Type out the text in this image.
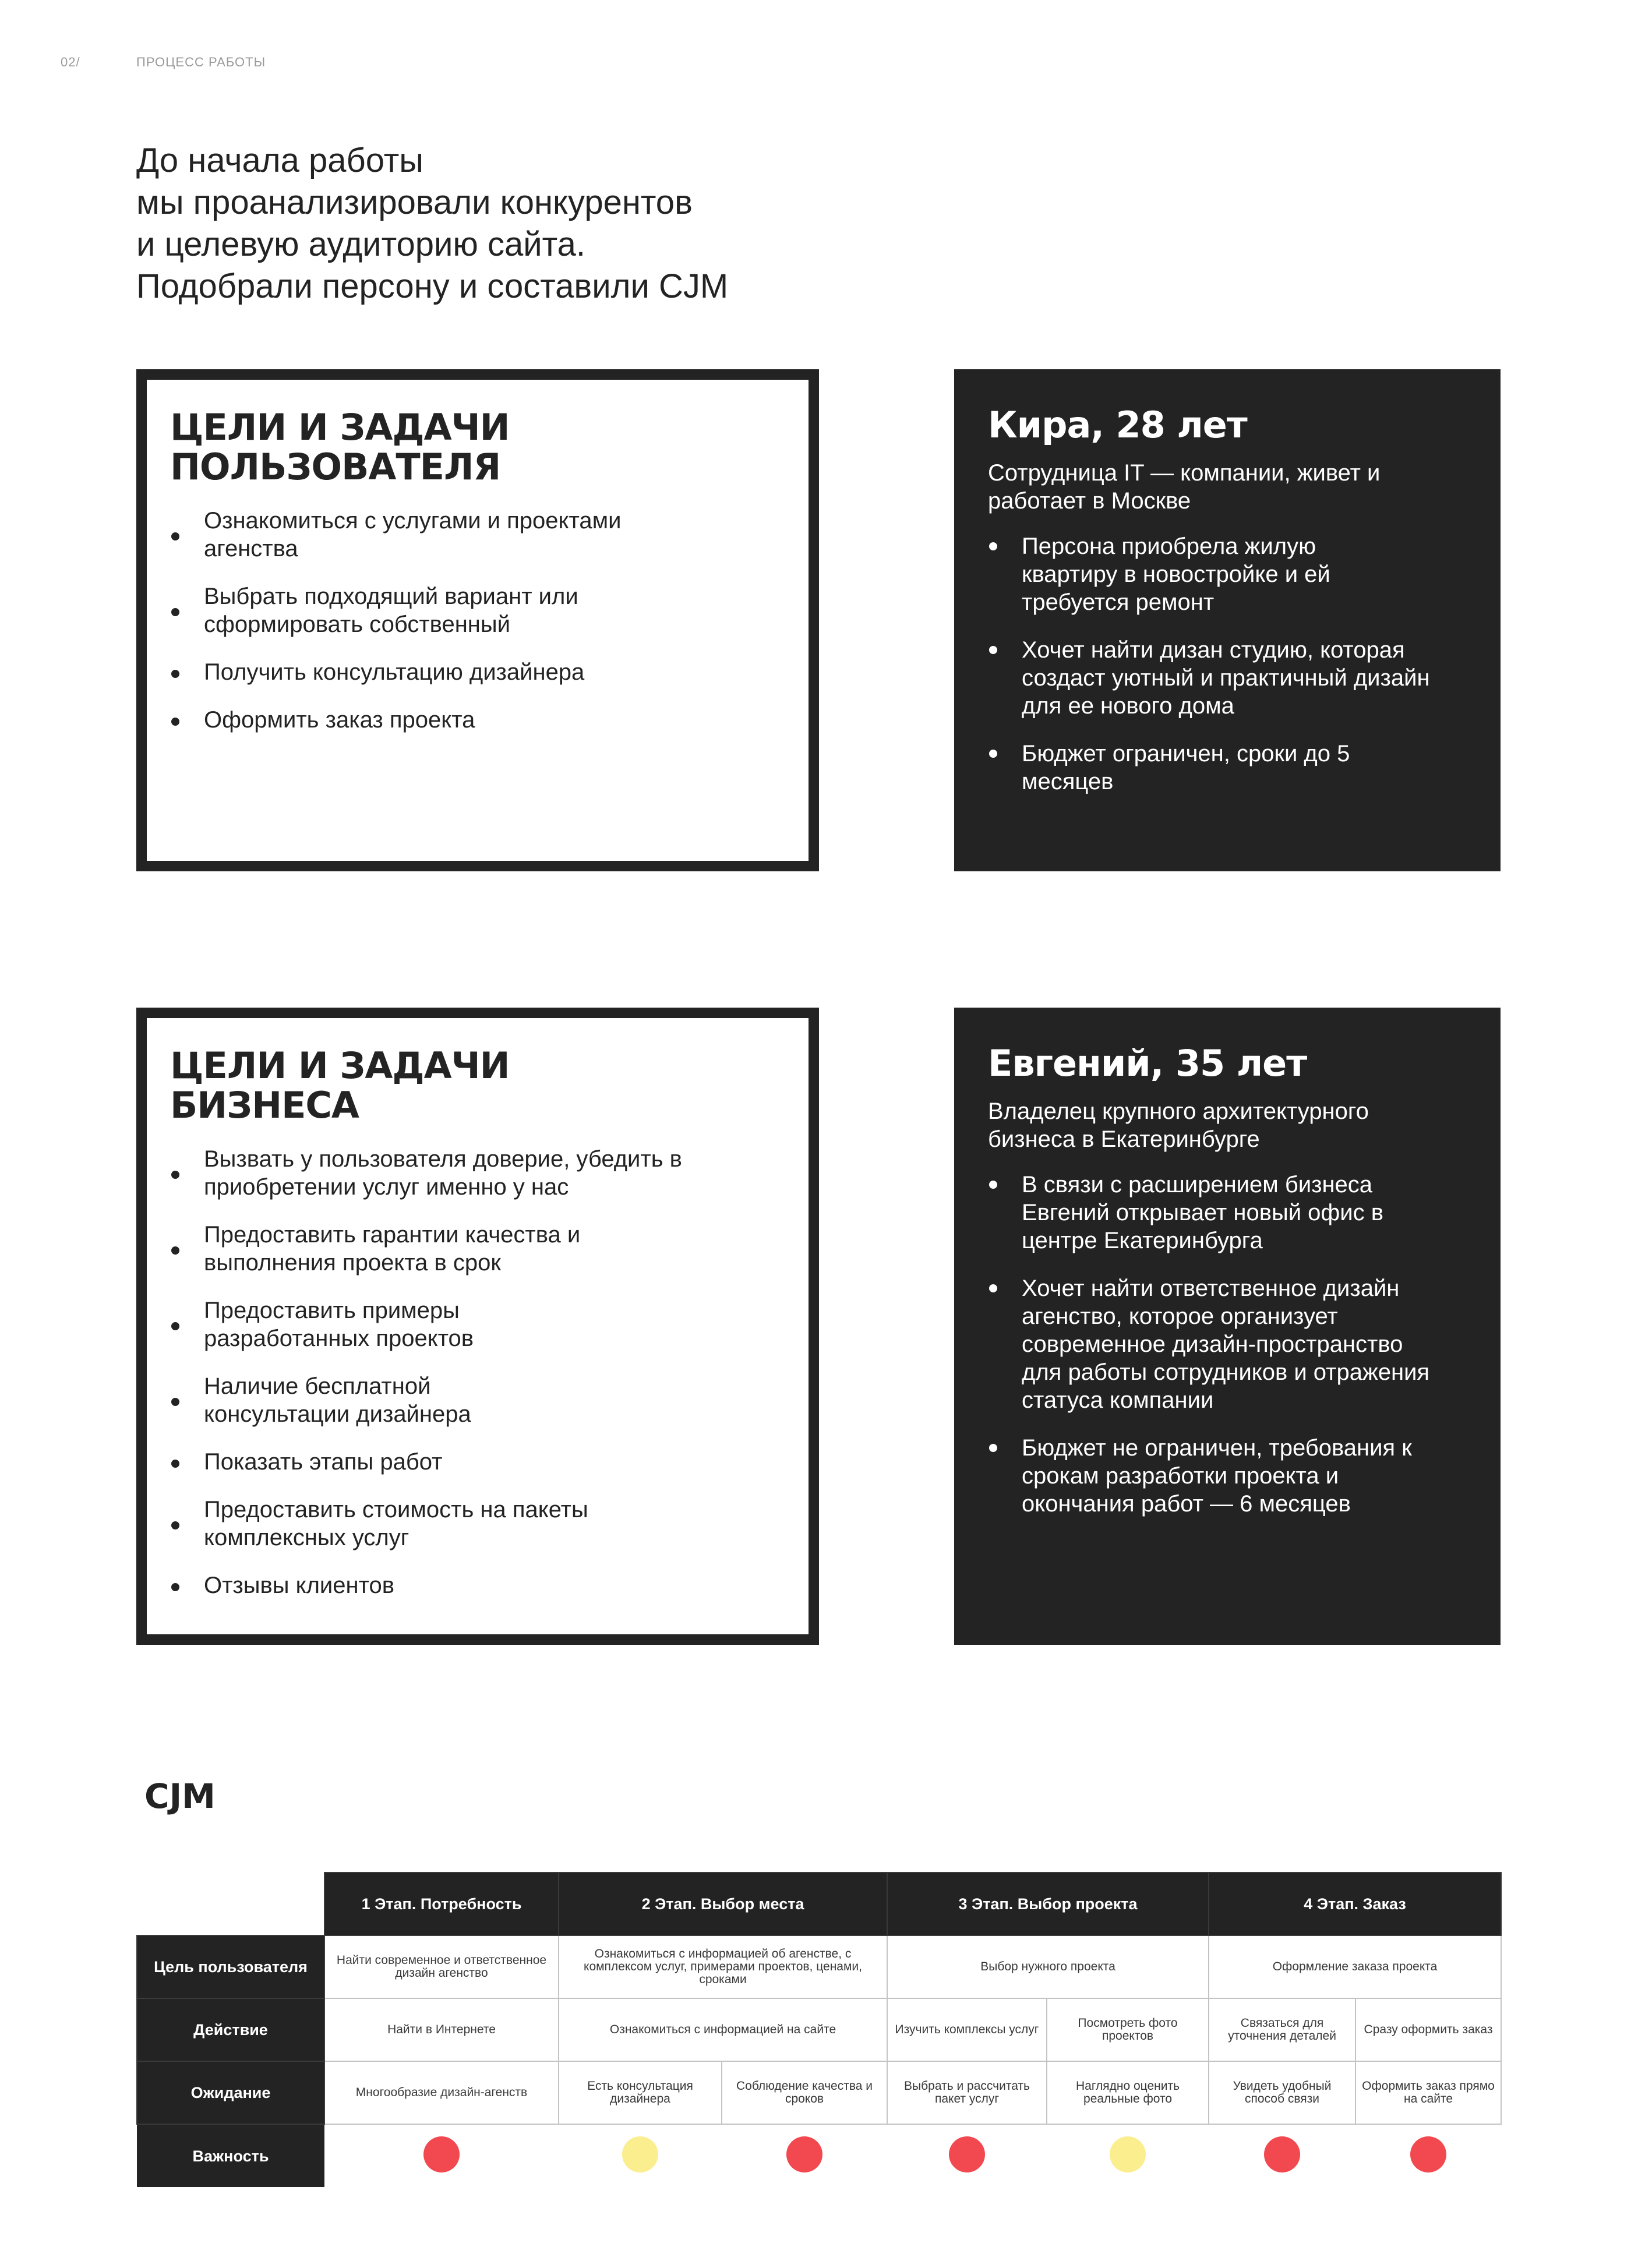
02/	ПРОЦЕСС РАБОТЫ
До начала работы
мы проанализировали конкурентов
и целевую аудиторию сайта.
Подобрали персону и составили CJM
ЦЕЛИ И ЗАДАЧИ
ПОЛЬЗОВАТЕЛЯ
Ознакомиться с услугами и проектами агенства
Выбрать подходящий вариант или сформировать собственный
Получить консультацию дизайнера
Оформить заказ проекта
Кира, 28 лет
Сотрудница IT — компании, живет и работает в Москве
Персона приобрела жилую квартиру в новостройке и ей требуется ремонт
Хочет найти дизан студию, которая создаст уютный и практичный дизайн для ее нового дома
Бюджет ограничен, сроки до 5 месяцев
ЦЕЛИ И ЗАДАЧИ
БИЗНЕСА
Вызвать у пользователя доверие, убедить в приобретении услуг именно у нас
Предоставить гарантии качества и выполнения проекта в срок
Предоставить примеры разработанных проектов
Наличие бесплатной консультации дизайнера
Показать этапы работ
Предоставить стоимость на пакеты комплексных услуг
Отзывы клиентов
Евгений, 35 лет
Владелец крупного архитектурного бизнеса в Екатеринбурге
В связи с расширением бизнеса Евгений открывает новый офис в центре Екатеринбурга
Хочет найти ответственное дизайн агенство, которое организует современное дизайн-пространство для работы сотрудников и отражения статуса компании
Бюджет не ограничен, требования к срокам разработки проекта и окончания работ — 6 месяцев
CJM
	1 Этап. Потребность	2 Этап. Выбор места		3 Этап. Выбор проекта		4 Этап. Заказ	
Цель пользователя	Найти современное и ответственное дизайн агенство	Ознакомиться с информацией об агенстве, с комплексом услуг, примерами проектов, ценами, сроками		Выбор нужного проекта		Оформление заказа проекта	
Действие	Найти в Интернете	Ознакомиться с информацией на сайте		Изучить комплексы услуг	Посмотреть фото проектов	Связаться для уточнения деталей	Сразу оформить заказ
Ожидание	Многообразие дизайн-агенств	Есть консультация дизайнера	Соблюдение качества и сроков	Выбрать и рассчитать пакет услуг	Наглядно оценить реальные фото	Увидеть удобный способ связи	Оформить заказ прямо на сайте
Важность							
